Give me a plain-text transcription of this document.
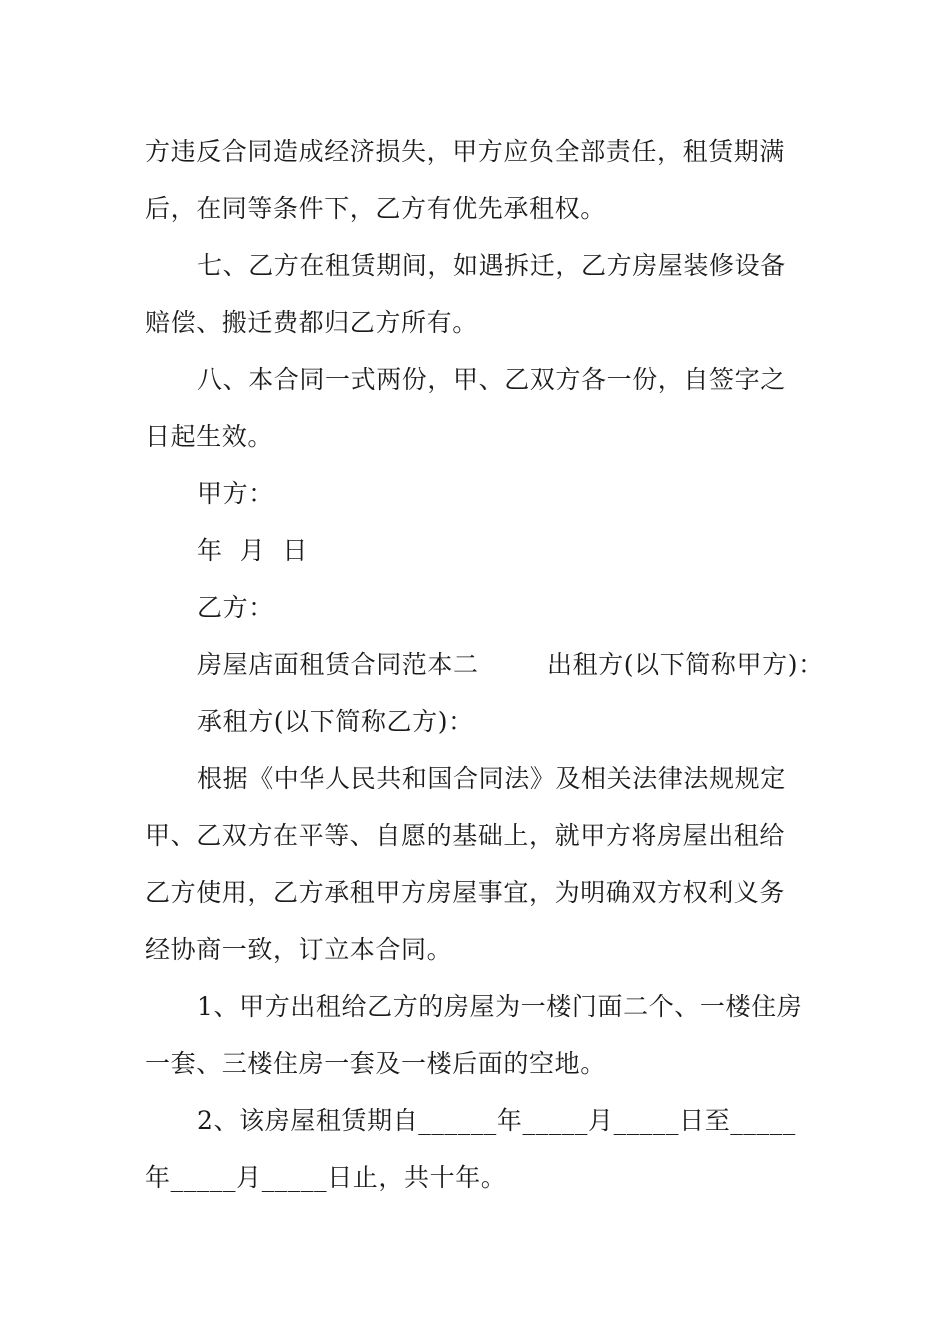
方违反合同造成经济损失，甲方应负全部责任，租赁期满
后，在同等条件下，乙方有优先承租权。
七、乙方在租赁期间，如遇拆迁，乙方房屋装修设备
赔偿、搬迁费都归乙方所有。
八、本合同一式两份，甲、乙双方各一份，自签字之
日起生效。
甲方：
年  月  日
乙方：
房屋店面租赁合同范本二        出租方(以下简称甲方)：
承租方(以下简称乙方)：
根据《中华人民共和国合同法》及相关法律法规规定
甲、乙双方在平等、自愿的基础上，就甲方将房屋出租给
乙方使用，乙方承租甲方房屋事宜，为明确双方权利义务
经协商一致，订立本合同。
1、甲方出租给乙方的房屋为一楼门面二个、一楼住房
一套、三楼住房一套及一楼后面的空地。
2、该房屋租赁期自______年_____月_____日至_____
年_____月_____日止，共十年。
